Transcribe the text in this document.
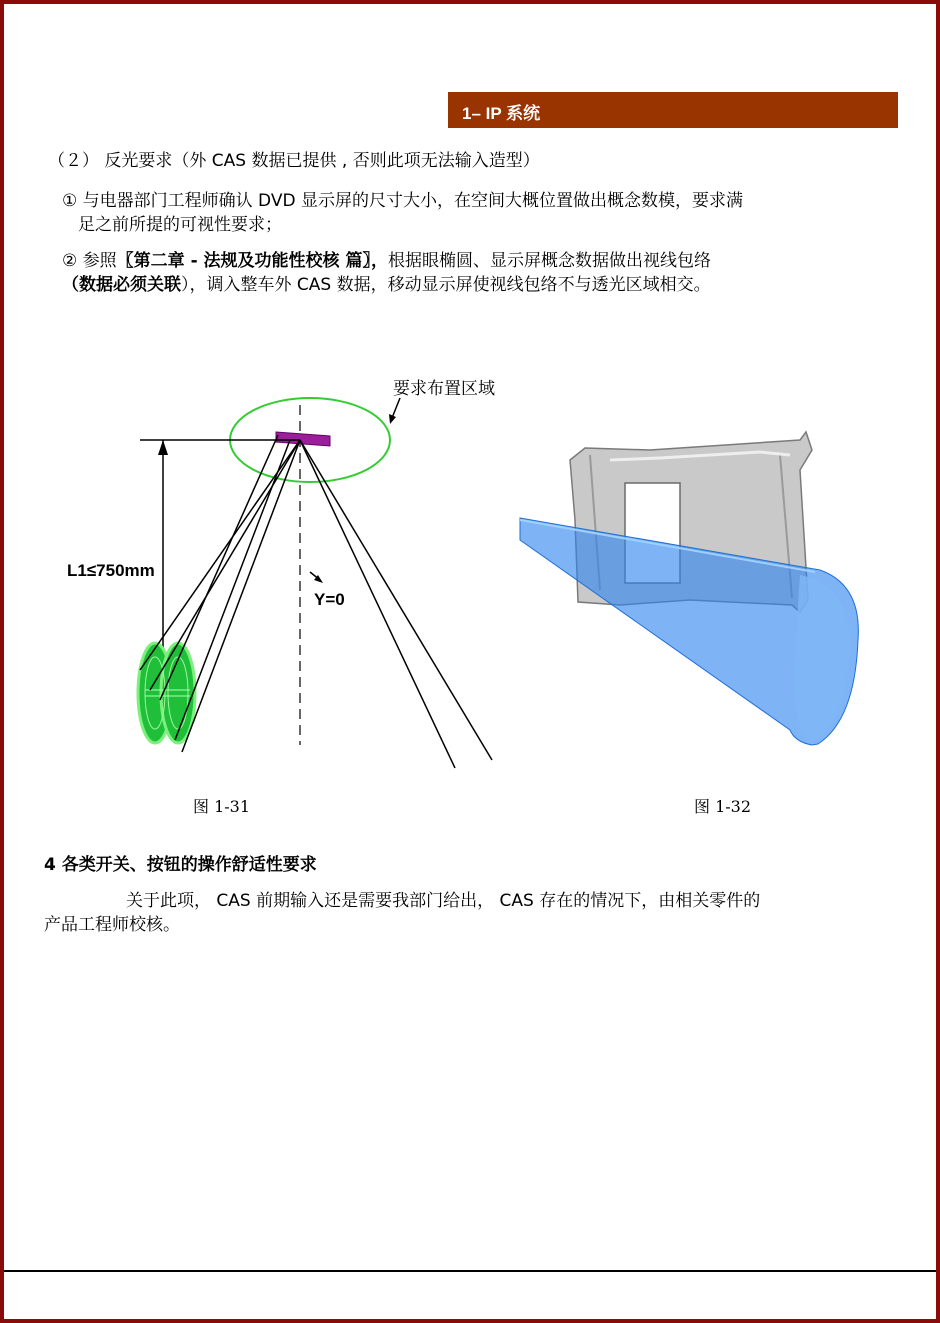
1– IP 系统
（２） 反光要求（外 CAS 数据已提供 , 否则此项无法输入造型）
① 与电器部门工程师确认 DVD 显示屏的尺寸大小，在空间大概位置做出概念数模，要求满
足之前所提的可视性要求；
② 参照〖第二章 - 法规及功能性校核 篇〗，根据眼椭圆、显示屏概念数据做出视线包络
（数据必须关联），调入整车外 CAS 数据，移动显示屏使视线包络不与透光区域相交。
要求布置区域
Y=0
L1≤750mm
图 1-31	图 1-32
4 各类开关、按钮的操作舒适性要求
关于此项， CAS 前期输入还是需要我部门给出， CAS 存在的情况下，由相关零件的
产品工程师校核。
